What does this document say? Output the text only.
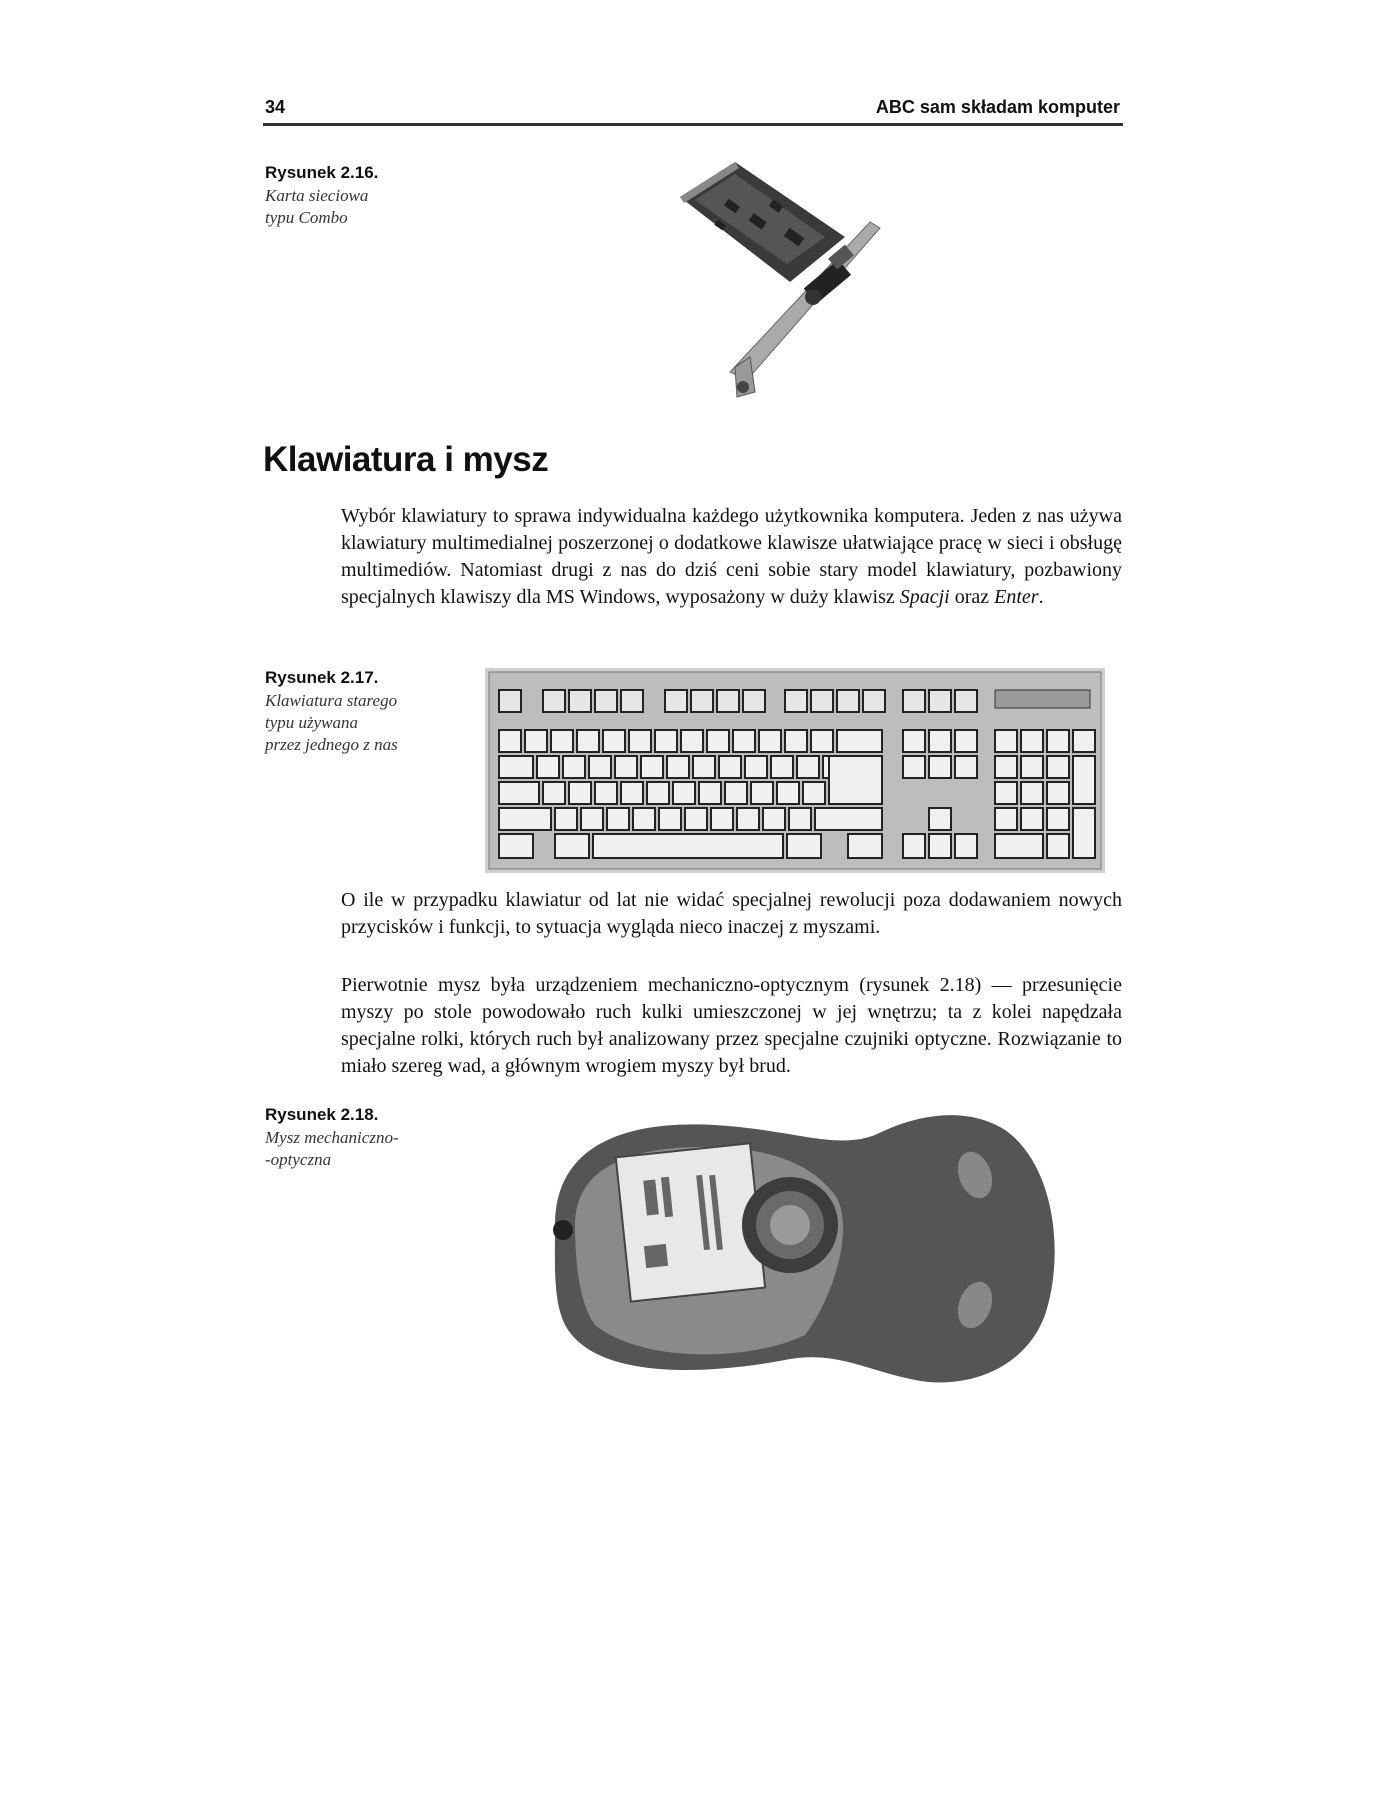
34	ABC sam składam komputer
Rysunek 2.16.
Karta sieciowa
typu Combo
Klawiatura i mysz

Wybór klawiatury to sprawa indywidualna każdego użytkownika komputera. Jeden z nas używa klawiatury multimedialnej poszerzonej o dodatkowe klawisze ułatwiające pracę w sieci i obsługę multimediów. Natomiast drugi z nas do dziś ceni sobie stary model klawiatury, pozbawiony specjalnych klawiszy dla MS Windows, wyposażony w duży klawisz Spacji oraz Enter.

Rysunek 2.17.
Klawiatura starego
typu używana
przez jednego z nas

O ile w przypadku klawiatur od lat nie widać specjalnej rewolucji poza dodawaniem nowych przycisków i funkcji, to sytuacja wygląda nieco inaczej z myszami.

Pierwotnie mysz była urządzeniem mechaniczno-optycznym (rysunek 2.18) — przesunięcie myszy po stole powodowało ruch kulki umieszczonej w jej wnętrzu; ta z kolei napędzała specjalne rolki, których ruch był analizowany przez specjalne czujniki optyczne. Rozwiązanie to miało szereg wad, a głównym wrogiem myszy był brud.

Rysunek 2.18.
Mysz mechaniczno-
-optyczna
